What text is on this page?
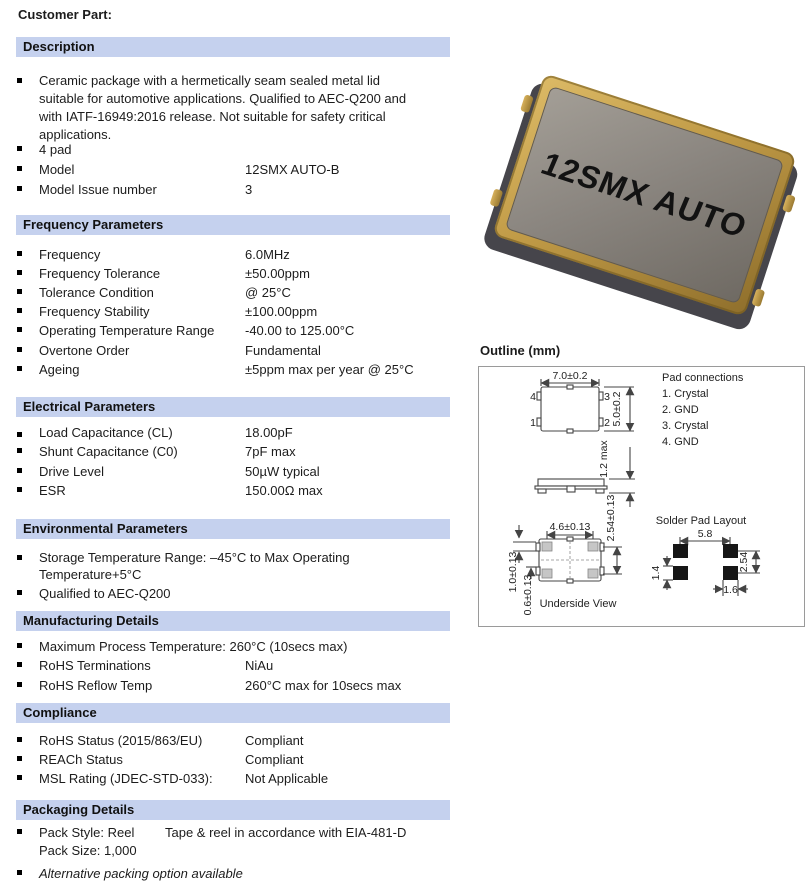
Customer Part:
Description
Ceramic package with a hermetically seam sealed metal lid
suitable for automotive applications. Qualified to AEC-Q200 and
with IATF-16949:2016 release. Not suitable for safety critical
applications.
4 pad
Model	12SMX AUTO-B
Model Issue number	3
Frequency Parameters
Frequency	6.0MHz
Frequency Tolerance	±50.00ppm
Tolerance Condition	@ 25°C
Frequency Stability	±100.00ppm
Operating Temperature Range -40.00 to 125.00°C
Overtone Order	Fundamental
Ageing	±5ppm max per year @ 25°C
Electrical Parameters
Load Capacitance (CL)	18.00pF
Shunt Capacitance (C0)	7pF max
Drive Level	50µW typical
ESR	150.00Ω max
Environmental Parameters
Storage Temperature Range: –45°C to Max Operating
Temperature+5°C
Qualified to AEC-Q200
Manufacturing Details
Maximum Process Temperature: 260°C (10secs max)
RoHS Terminations	NiAu
RoHS Reflow Temp	260°C max for 10secs max
Compliance
RoHS Status (2015/863/EU)	Compliant
REACh Status	Compliant
MSL Rating (JDEC-STD-033): Not Applicable
Packaging Details
Pack Style: Reel Tape & reel in accordance with EIA-481-D
Pack Size: 1,000
Alternative packing option available
12SMX AUTO
Outline (mm)
4	3
1	2
7.0±0.2
5.0±0.2
Pad connections
1. Crystal
2. GND
3. Crystal
4. GND
1.2 max
4.6±0.13 2.54±0.13
1.0±0.13
0.6±0.13 Underside View
Solder Pad Layout
5.8
1.4
2.54
1.6
